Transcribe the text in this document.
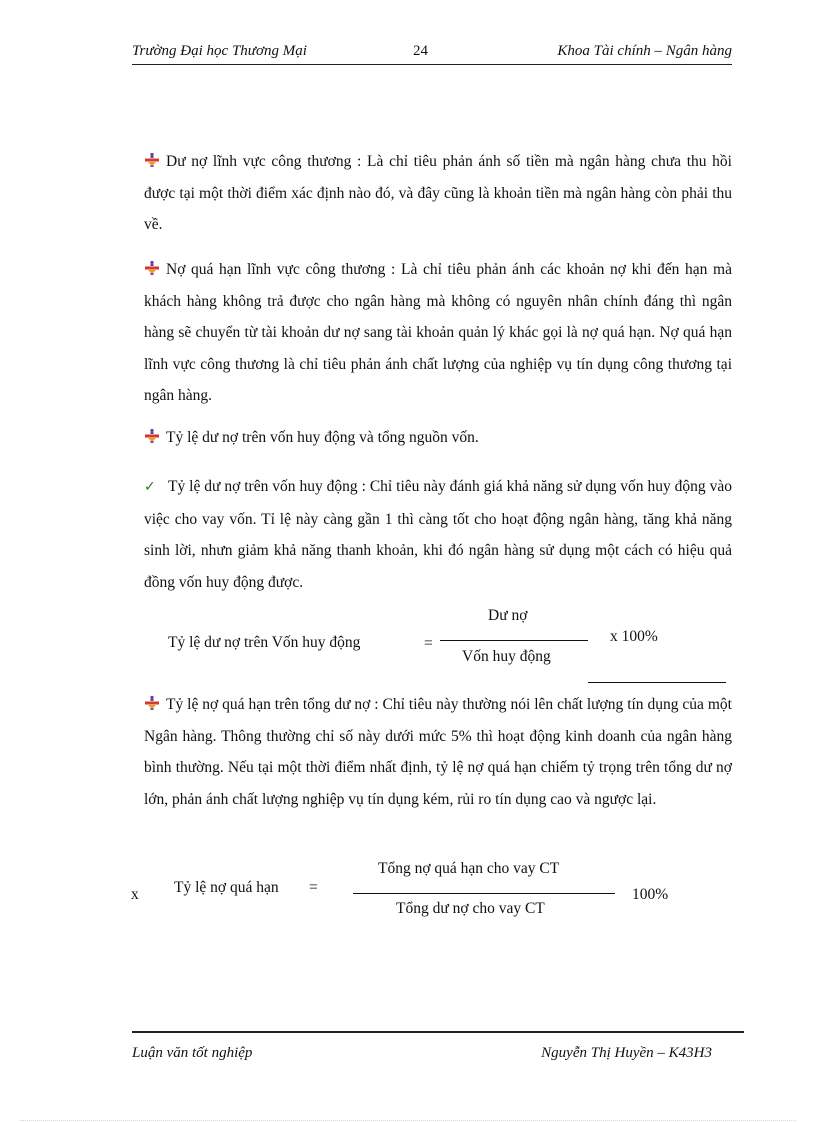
Trường Đại học Thương Mại	24	Khoa Tài chính – Ngân hàng

Dư nợ lĩnh vực công thương : Là chỉ tiêu phản ánh số tiền mà ngân hàng chưa thu hồi được tại một thời điểm xác định nào đó, và đây cũng là khoản tiền mà ngân hàng còn phải thu về.

Nợ quá hạn lĩnh vực công thương : Là chỉ tiêu phản ánh các khoản nợ khi đến hạn mà khách hàng không trả được cho ngân hàng mà không có nguyên nhân chính đáng thì ngân hàng sẽ chuyển từ tài khoản dư nợ sang tài khoản quản lý khác gọi là nợ quá hạn. Nợ quá hạn lĩnh vực công thương là chỉ tiêu phản ánh chất lượng của nghiệp vụ tín dụng công thương tại ngân hàng.

Tỷ lệ dư nợ trên vốn huy động và tổng nguồn vốn.

✓ Tỷ lệ dư nợ trên vốn huy động : Chỉ tiêu này đánh giá khả năng sử dụng vốn huy động vào việc cho vay vốn. Tỉ lệ này càng gần 1 thì càng tốt cho hoạt động ngân hàng, tăng khả năng sinh lời, nhưn giảm khả năng thanh khoản, khi đó ngân hàng sử dụng một cách có hiệu quả đồng vốn huy động được.

Tỷ lệ dư nợ trên Vốn huy động	=
Dư nợ
Vốn huy động
x 100%

Tỷ lệ nợ quá hạn trên tổng dư nợ : Chỉ tiêu này thường nói lên chất lượng tín dụng của một Ngân hàng. Thông thường chỉ số này dưới mức 5% thì hoạt động kinh doanh của ngân hàng bình thường. Nếu tại một thời điểm nhất định, tỷ lệ nợ quá hạn chiếm tỷ trọng trên tổng dư nợ lớn, phản ánh chất lượng nghiệp vụ tín dụng kém, rủi ro tín dụng cao và ngược lại.

x Tỷ lệ nợ quá hạn =
Tổng nợ quá hạn cho vay CT
Tổng dư nợ cho vay CT
100%
Luận văn tốt nghiệp	Nguyễn Thị Huyền – K43H3
